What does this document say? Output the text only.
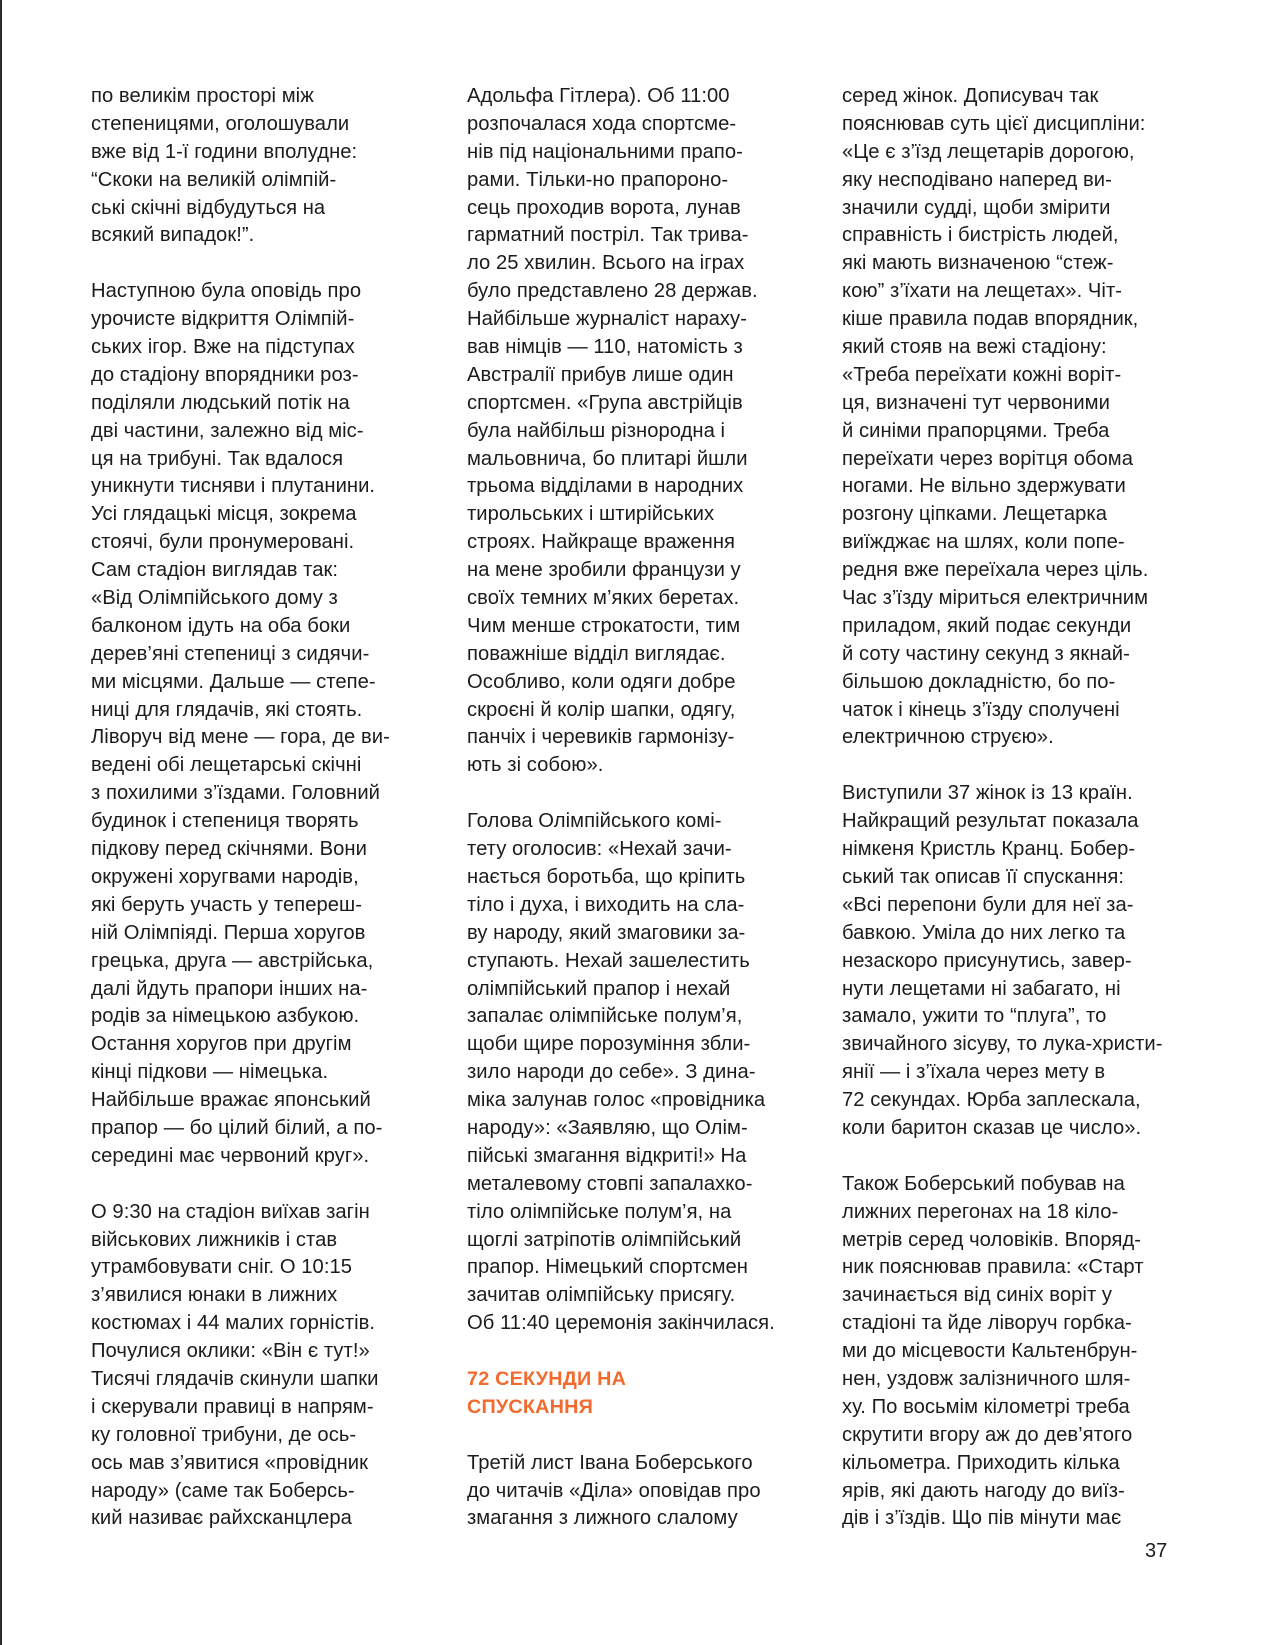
по великім просторі між
степеницями, оголошували
вже від 1-ї години вполудне:
“Скоки на великій олімпій-
ські скічні відбудуться на
всякий випадок!”.
Наступною була оповідь про
урочисте відкриття Олімпій-
ських ігор. Вже на підступах
до стадіону впорядники роз-
поділяли людський потік на
дві частини, залежно від міс-
ця на трибуні. Так вдалося
уникнути тисняви і плутанини.
Усі глядацькі місця, зокрема
стоячі, були пронумеровані.
Сам стадіон виглядав так:
«Від Олімпійського дому з
балконом ідуть на оба боки
дерев’яні степениці з сидячи-
ми місцями. Дальше — степе-
ниці для глядачів, які стоять.
Ліворуч від мене — гора, де ви-
ведені обі лещетарські скічні
з похилими з’їздами. Головний
будинок і степениця творять
підкову перед скічнями. Вони
окружені хоругвами народів,
які беруть участь у тепереш-
ній Олімпіяді. Перша хоругов
грецька, друга — австрійська,
далі йдуть прапори інших на-
родів за німецькою азбукою.
Остання хоругов при другім
кінці підкови — німецька.
Найбільше вражає японський
прапор — бо цілий білий, а по-
середині має червоний круг».
О 9:30 на стадіон виїхав загін
військових лижників і став
утрамбовувати сніг. О 10:15
з’явилися юнаки в лижних
костюмах і 44 малих горністів.
Почулися оклики: «Він є тут!»
Тисячі глядачів скинули шапки
і скерували правиці в напрям-
ку головної трибуни, де ось-
ось мав з’явитися «провідник
народу» (саме так Боберсь-
кий називає райхсканцлера
Адольфа Гітлера). Об 11:00
розпочалася хода спортсме-
нів під національними прапо-
рами. Тільки-но прапороно-
сець проходив ворота, лунав
гарматний постріл. Так трива-
ло 25 хвилин. Всього на іграх
було представлено 28 держав.
Найбільше журналіст нараху-
вав німців — 110, натомість з
Австралії прибув лише один
спортсмен. «Група австрійців
була найбільш різнородна і
мальовнича, бо плитарі йшли
трьома відділами в народних
тирольських і штирійських
строях. Найкраще враження
на мене зробили французи у
своїх темних м’яких беретах.
Чим менше строкатости, тим
поважніше відділ виглядає.
Особливо, коли одяги добре
скроєні й колір шапки, одягу,
панчіх і черевиків гармонізу-
ють зі собою».
Голова Олімпійського комі-
тету оголосив: «Нехай зачи-
нається боротьба, що кріпить
тіло і духа, і виходить на сла-
ву народу, який змаговики за-
ступають. Нехай зашелестить
олімпійський прапор і нехай
запалає олімпійське полум’я,
щоби щире порозуміння збли-
зило народи до себе». З дина-
міка залунав голос «провідника
народу»: «Заявляю, що Олім-
пійські змагання відкриті!» На
металевому стовпі запалахко-
тіло олімпійське полум’я, на
щоглі затріпотів олімпійський
прапор. Німецький спортсмен
зачитав олімпійську присягу.
Об 11:40 церемонія закінчилася.
72 СЕКУНДИ НА
СПУСКАННЯ
Третій лист Івана Боберського
до читачів «Діла» оповідав про
змагання з лижного слалому
серед жінок. Дописувач так
пояснював суть цієї дисципліни:
«Це є з’їзд лещетарів дорогою,
яку несподівано наперед ви-
значили судді, щоби змірити
справність і бистрість людей,
які мають визначеною “стеж-
кою” з’їхати на лещетах». Чіт-
кіше правила подав впорядник,
який стояв на вежі стадіону:
«Треба переїхати кожні воріт-
ця, визначені тут червоними
й синіми прапорцями. Треба
переїхати через ворітця обома
ногами. Не вільно здержувати
розгону ціпками. Лещетарка
виїжджає на шлях, коли попе-
редня вже переїхала через ціль.
Час з’їзду міриться електричним
приладом, який подає секунди
й соту частину секунд з якнай-
більшою докладністю, бо по-
чаток і кінець з’їзду сполучені
електричною струєю».
Виступили 37 жінок із 13 країн.
Найкращий результат показала
німкеня Кристль Кранц. Бобер-
ський так описав її спускання:
«Всі перепони були для неї за-
бавкою. Уміла до них легко та
незаскоро присунутись, завер-
нути лещетами ні забагато, ні
замало, ужити то “плуга”, то
звичайного зісуву, то лука-христи-
янії — і з’їхала через мету в
72 секундах. Юрба заплескала,
коли баритон сказав це число».
Також Боберський побував на
лижних перегонах на 18 кіло-
метрів серед чоловіків. Впоряд-
ник пояснював правила: «Старт
зачинається від синіх воріт у
стадіоні та йде ліворуч горбка-
ми до місцевости Кальтенбрун-
нен, уздовж залізничного шля-
ху. По восьмім кілометрі треба
скрутити вгору аж до дев’ятого
кільометра. Приходить кілька
ярів, які дають нагоду до виїз-
дів і з’їздів. Що пів мінути має
37
